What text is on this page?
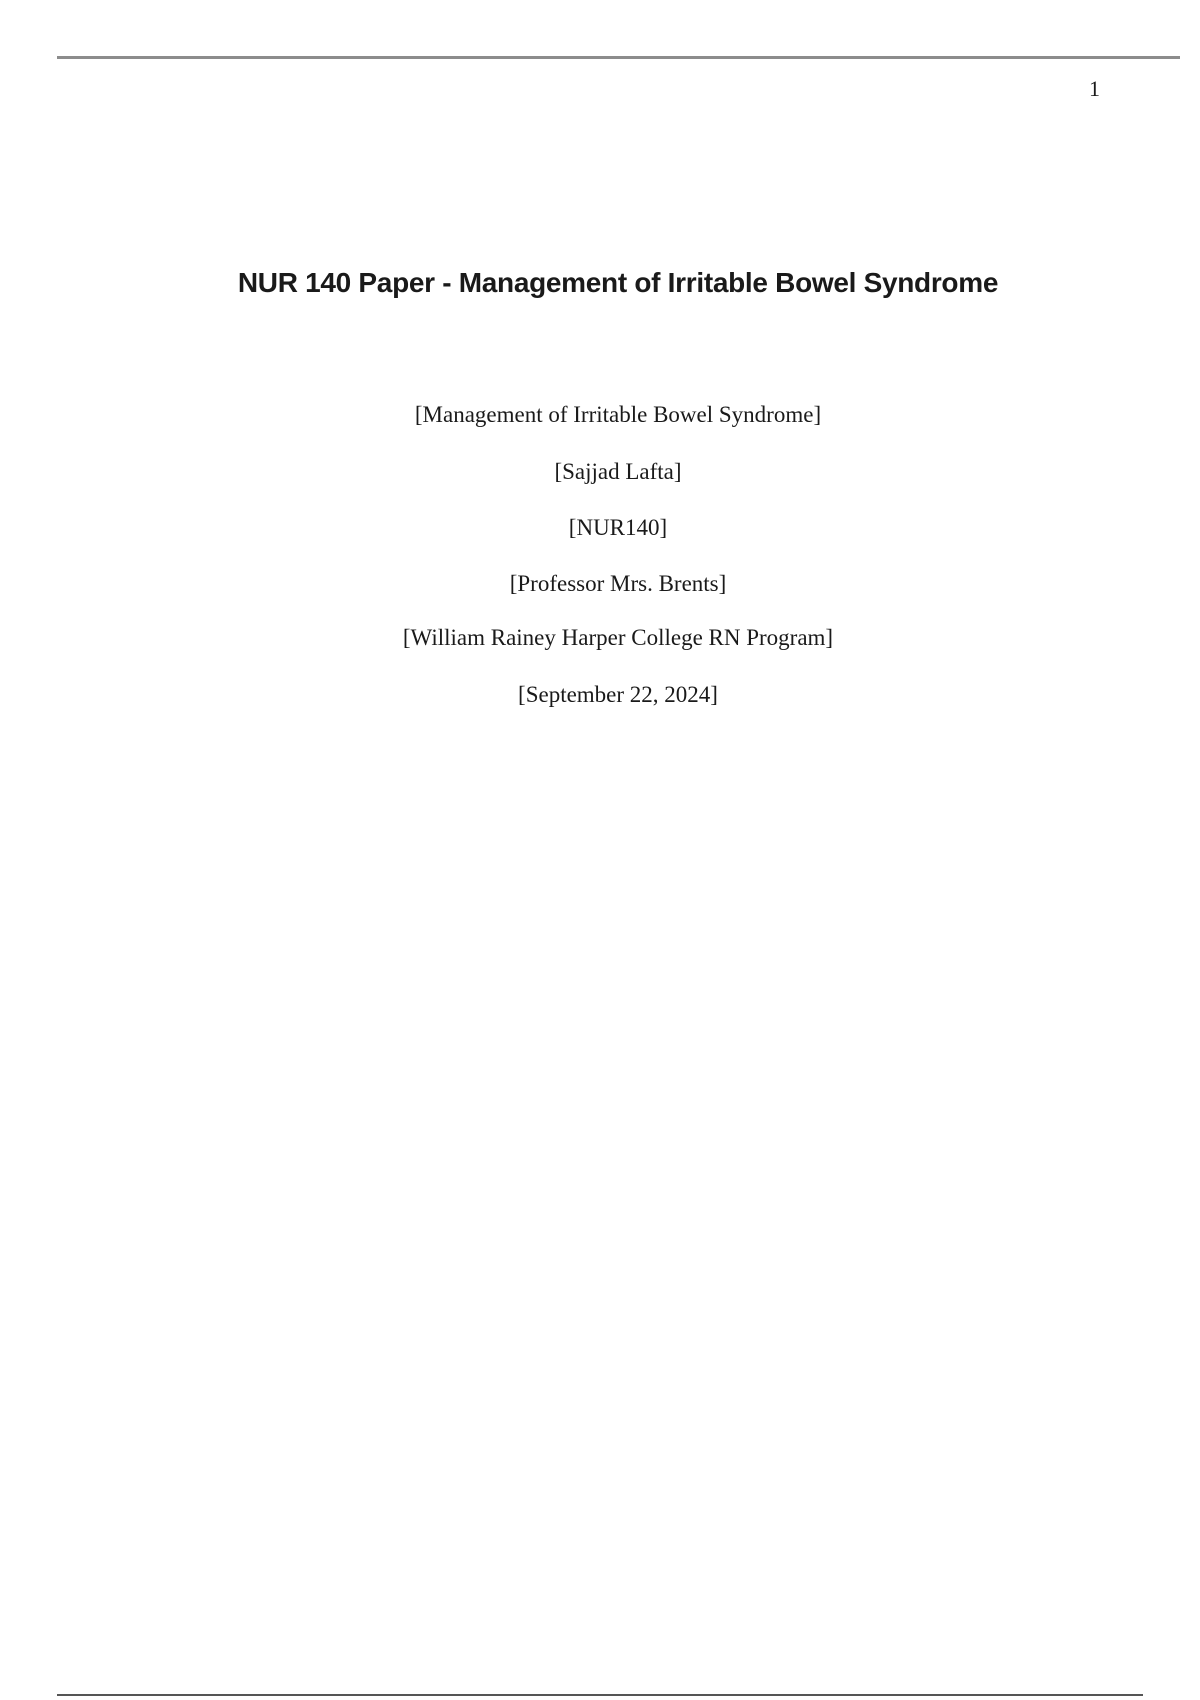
1
NUR 140 Paper - Management of Irritable Bowel Syndrome
[Management of Irritable Bowel Syndrome]
[Sajjad Lafta]
[NUR140]
[Professor Mrs. Brents]
[William Rainey Harper College RN Program]
[September 22, 2024]
